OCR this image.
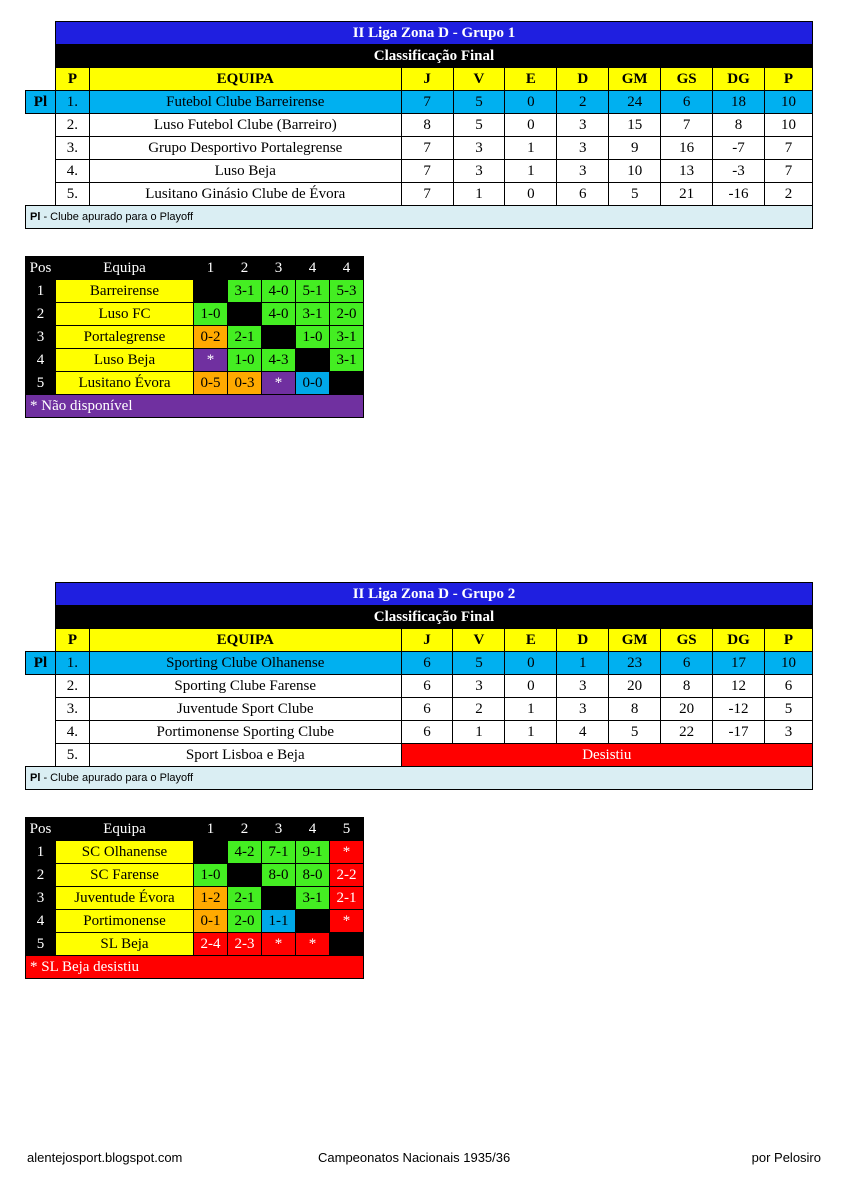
	II Liga Zona D - Grupo 1									
	Classificação Final									
	P	EQUIPA	J	V	E	D	GM	GS	DG	P
Pl	1.	Futebol Clube Barreirense	7	5	0	2	24	6	18	10
	2.	Luso Futebol Clube (Barreiro)	8	5	0	3	15	7	8	10
	3.	Grupo Desportivo Portalegrense	7	3	1	3	9	16	-7	7
	4.	Luso Beja	7	3	1	3	10	13	-3	7
	5.	Lusitano Ginásio Clube de Évora	7	1	0	6	5	21	-16	2
Pl - Clube apurado para o Playoff										
Pos	Equipa	1	2	3	4	4
1	Barreirense		3-1	4-0	5-1	5-3
2	Luso FC	1-0		4-0	3-1	2-0
3	Portalegrense	0-2	2-1		1-0	3-1
4	Luso Beja	*	1-0	4-3		3-1
5	Lusitano Évora	0-5	0-3	*	0-0	
* Não disponível						
	II Liga Zona D - Grupo 2									
	Classificação Final									
	P	EQUIPA	J	V	E	D	GM	GS	DG	P
Pl	1.	Sporting Clube Olhanense	6	5	0	1	23	6	17	10
	2.	Sporting Clube Farense	6	3	0	3	20	8	12	6
	3.	Juventude Sport Clube	6	2	1	3	8	20	-12	5
	4.	Portimonense Sporting Clube	6	1	1	4	5	22	-17	3
	5.	Sport Lisboa e Beja	Desistiu							
Pl - Clube apurado para o Playoff										
Pos	Equipa	1	2	3	4	5
1	SC Olhanense		4-2	7-1	9-1	*
2	SC Farense	1-0		8-0	8-0	2-2
3	Juventude Évora	1-2	2-1		3-1	2-1
4	Portimonense	0-1	2-0	1-1		*
5	SL Beja	2-4	2-3	*	*	
* SL Beja desistiu						
alentejosport.blogspot.com	Campeonatos Nacionais 1935/36	por Pelosiro
